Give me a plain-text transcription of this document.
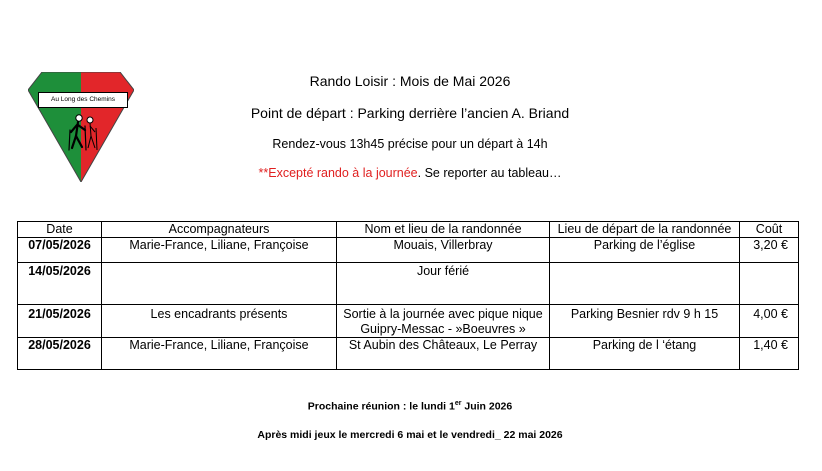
Au Long des Chemins
Rando Loisir : Mois de Mai 2026
Point de départ : Parking derrière l’ancien A. Briand
Rendez-vous 13h45 précise pour un départ à 14h
**Excepté rando à la journée. Se reporter au tableau…
Date	Accompagnateurs	Nom et lieu de la randonnée	Lieu de départ de la randonnée	Coût
07/05/2026	Marie-France, Liliane, Françoise	Mouais, Villerbray	Parking de l’église	3,20 €
14/05/2026		Jour férié		
21/05/2026	Les encadrants présents	Sortie à la journée avec pique nique Guipry-Messac - »Boeuvres »	Parking Besnier rdv 9 h 15	4,00 €
28/05/2026	Marie-France, Liliane, Françoise	St Aubin des Châteaux, Le Perray	Parking de l ‘étang	1,40 €
Prochaine réunion : le lundi 1er Juin 2026
Après midi jeux le mercredi 6 mai et le vendredi_ 22 mai 2026
